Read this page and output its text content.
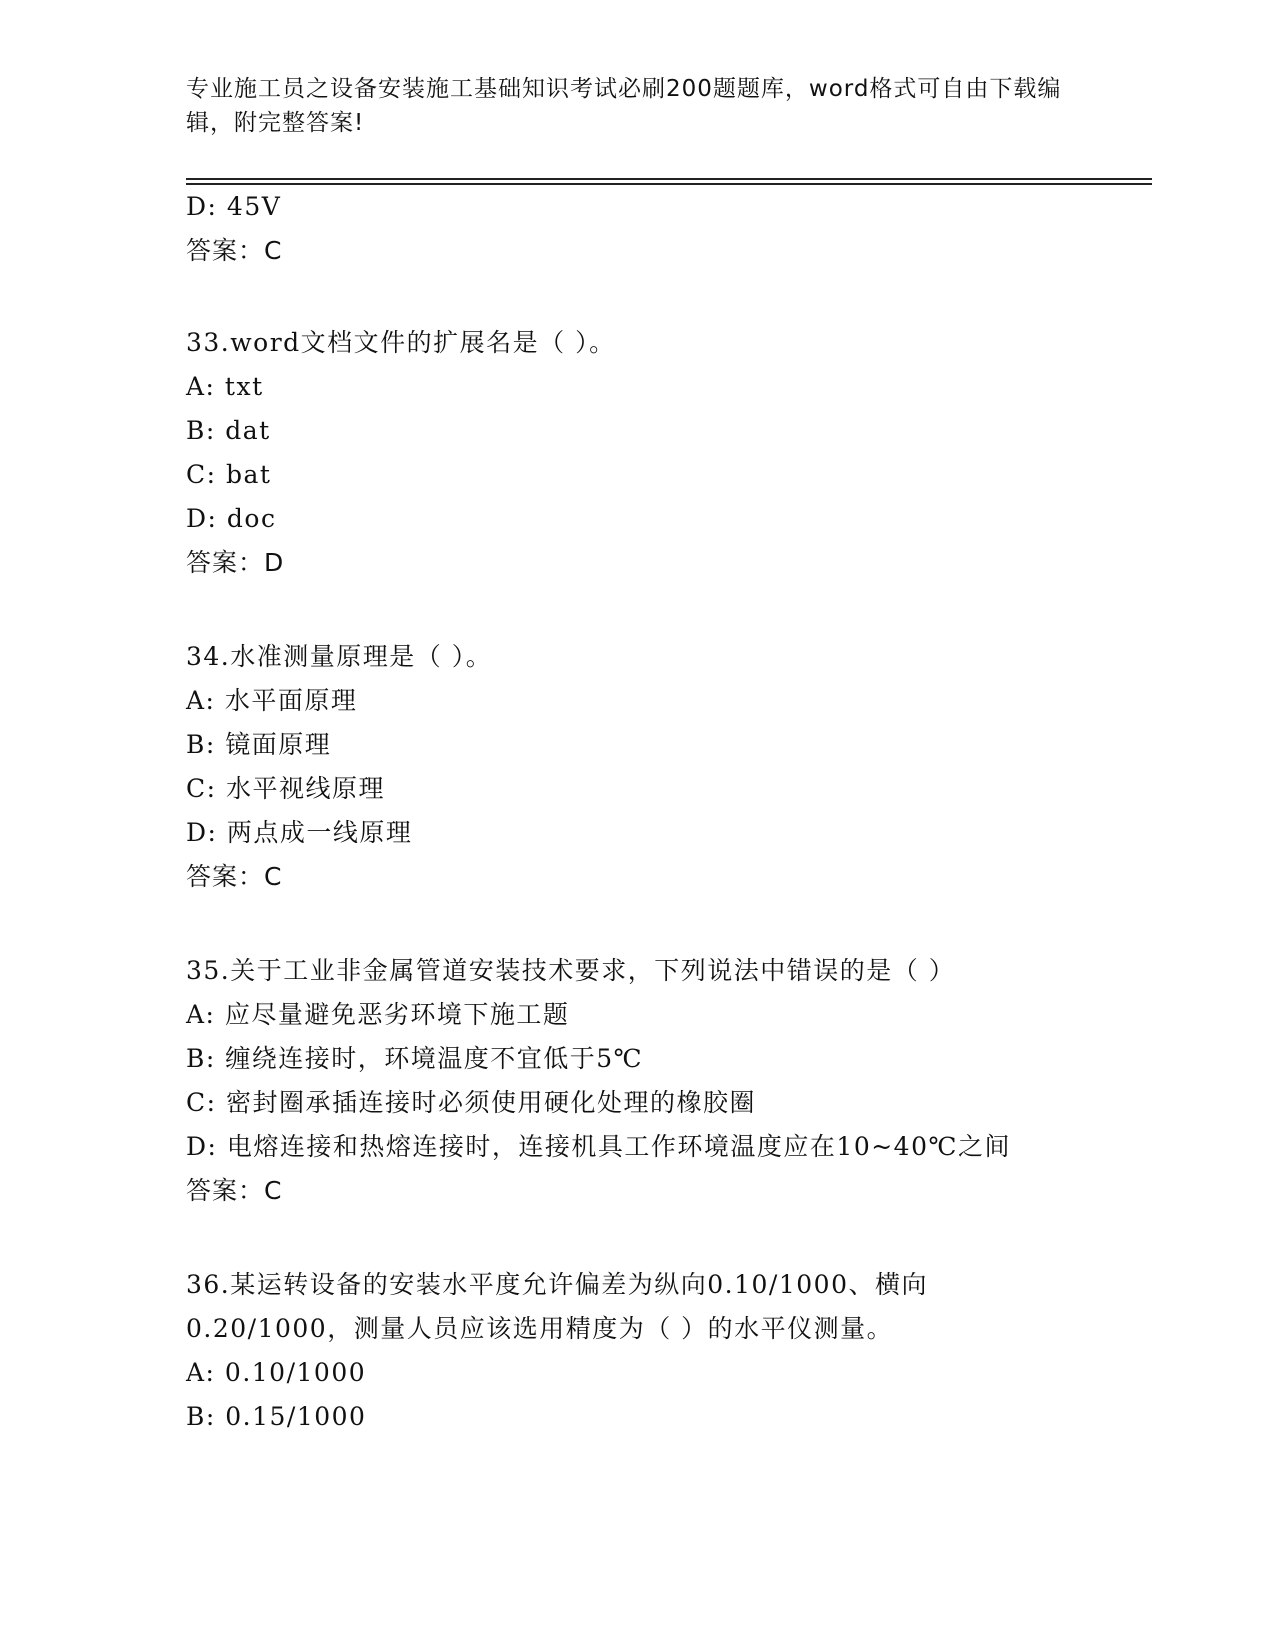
专业施工员之设备安装施工基础知识考试必刷200题题库，word格式可自由下载编辑，附完整答案!
D: 45V
答案：C
33.word文档文件的扩展名是（ ）。
A: txt
B: dat
C: bat
D: doc
答案：D
34.水准测量原理是（ ）。
A: 水平面原理
B: 镜面原理
C: 水平视线原理
D: 两点成一线原理
答案：C
35.关于工业非金属管道安装技术要求，下列说法中错误的是（ ）
A: 应尽量避免恶劣环境下施工题
B: 缠绕连接时，环境温度不宜低于5℃
C: 密封圈承插连接时必须使用硬化处理的橡胶圈
D: 电熔连接和热熔连接时，连接机具工作环境温度应在10~40℃之间
答案：C
36.某运转设备的安装水平度允许偏差为纵向0.10/1000、横向
0.20/1000，测量人员应该选用精度为（ ）的水平仪测量。
A: 0.10/1000
B: 0.15/1000
